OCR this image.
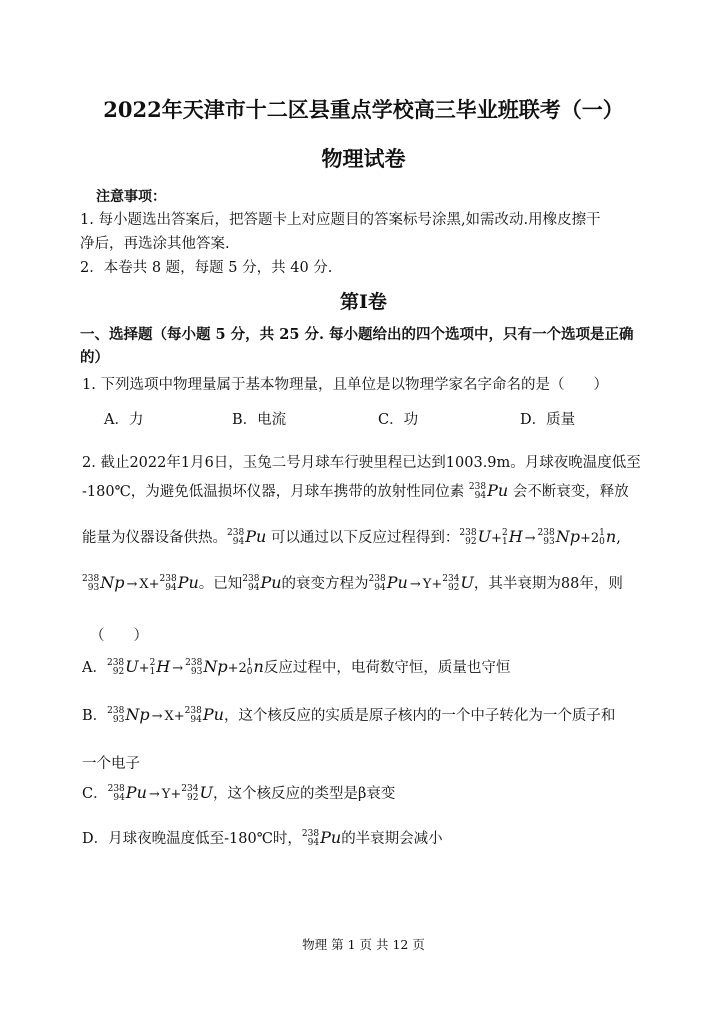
2022年天津市十二区县重点学校高三毕业班联考（一）
物理试卷
注意事项：
1. 每小题选出答案后，把答题卡上对应题目的答案标号涂黑,如需改动.用橡皮擦干
净后，再选涂其他答案.
2．本卷共 8 题，每题 5 分，共 40 分.
第Ⅰ卷
一、选择题（每小题 5 分，共 25 分. 每小题给出的四个选项中，只有一个选项是正确
的）
1. 下列选项中物理量属于基本物理量，且单位是以物理学家名字命名的是（　　）
A．力	B．电流	C．功	D．质量
2. 截止2022年1月6日，玉兔二号月球车行驶里程已达到1003.9m。月球夜晚温度低至
-180℃，为避免低温损坏仪器，月球车携带的放射性同位素 238
94 Pu 会不断衰变，释放
能量为仪器设备供热。 238
94 Pu 可以通过以下反应过程得到： 238
92 U+ 2
1 H → 238
93 Np+2 1
0 n,
238
93 Np → X+ 238
94 Pu。已知 238
94 Pu的衰变方程为 238
94 Pu → Y+ 234
92 U，其半衰期为88年，则
（　　）
A． 238
92 U+ 2
1 H → 238
93 Np+2 1
0 n反应过程中，电荷数守恒，质量也守恒
B． 238
93 Np → X+ 238
94 Pu，这个核反应的实质是原子核内的一个中子转化为一个质子和
一个电子
C． 238
94 Pu → Y+ 234
92 U，这个核反应的类型是β衰变
D．月球夜晚温度低至-180℃时， 238
94 Pu的半衰期会减小
物理 第 1 页 共 12 页
